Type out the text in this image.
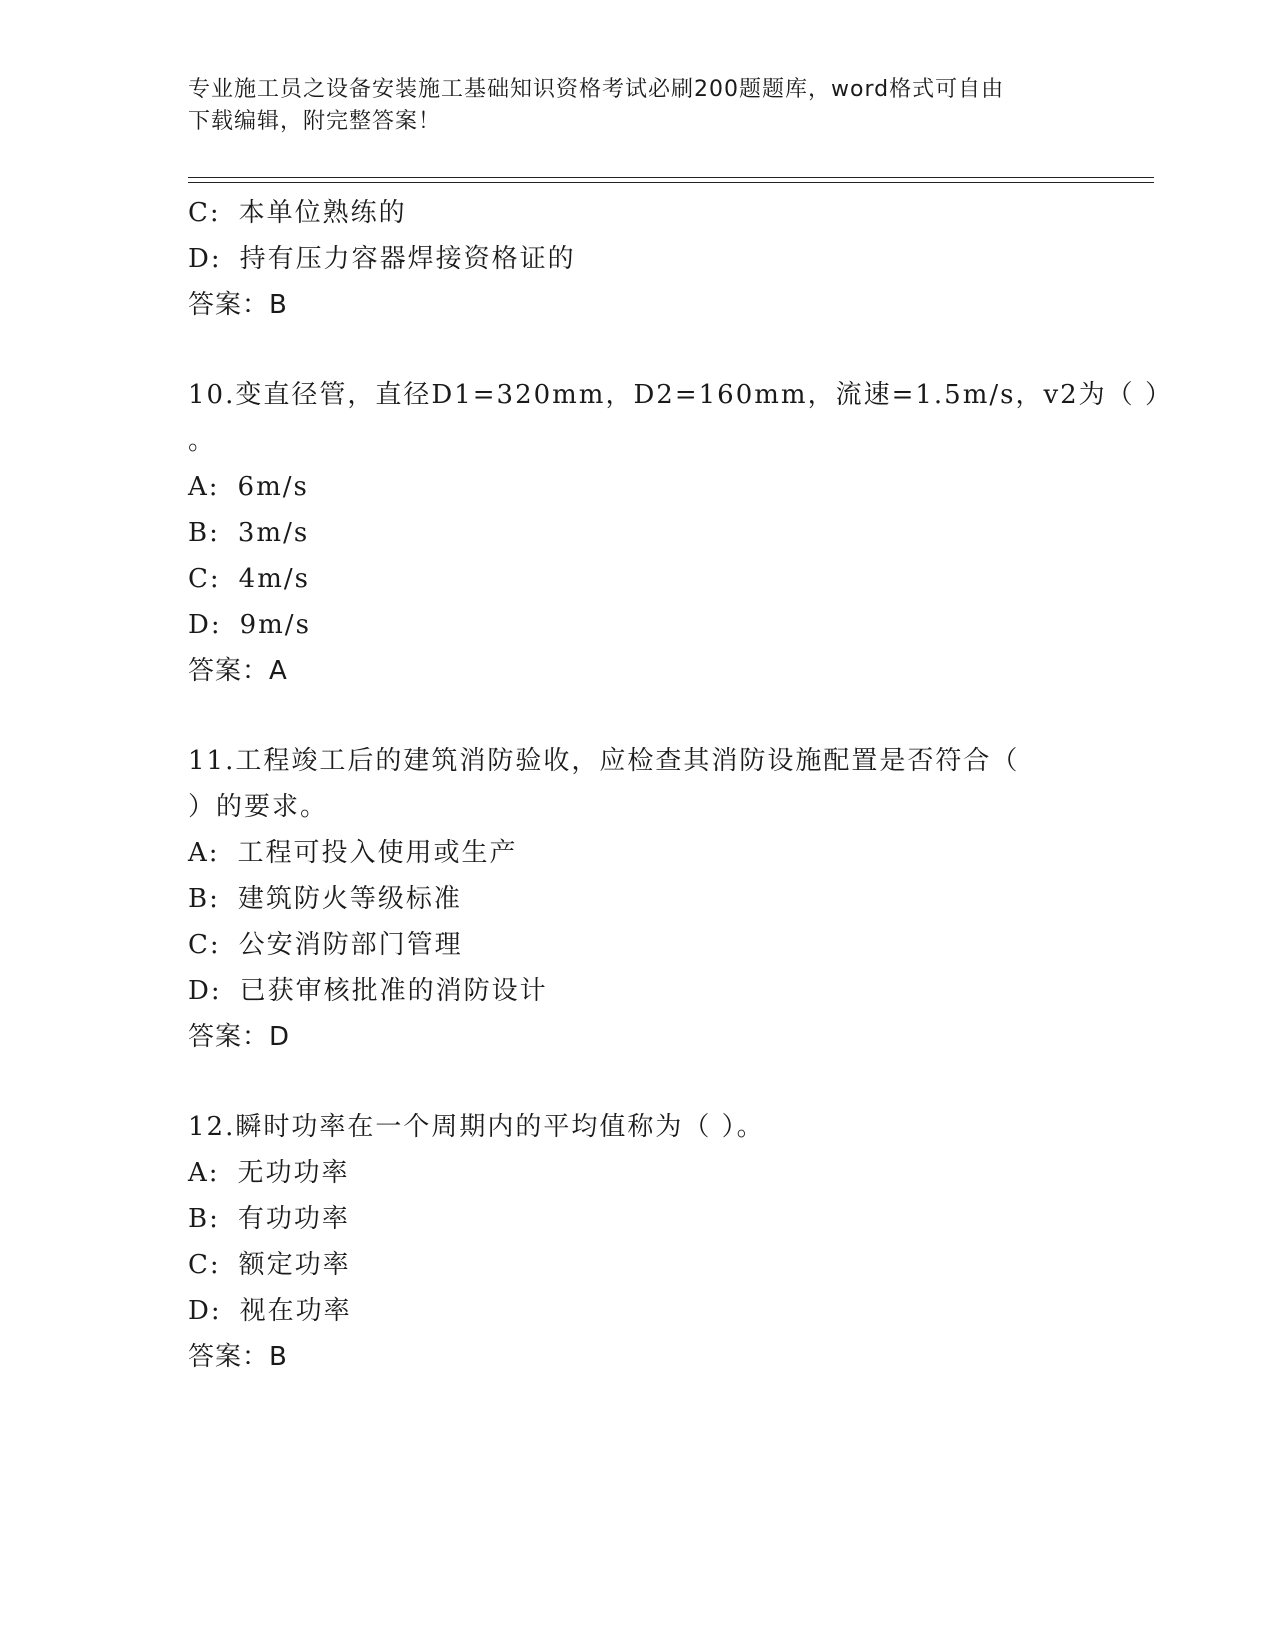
专业施工员之设备安装施工基础知识资格考试必刷200题题库，word格式可自由
下载编辑，附完整答案！
C: 本单位熟练的
D: 持有压力容器焊接资格证的
答案：B
10.变直径管，直径D1=320mm，D2=160mm，流速=1.5m/s，v2为（ ）
。
A: 6m/s
B: 3m/s
C: 4m/s
D: 9m/s
答案：A
11.工程竣工后的建筑消防验收，应检查其消防设施配置是否符合（
）的要求。
A: 工程可投入使用或生产
B: 建筑防火等级标准
C: 公安消防部门管理
D: 已获审核批准的消防设计
答案：D
12.瞬时功率在一个周期内的平均值称为（ ）。
A: 无功功率
B: 有功功率
C: 额定功率
D: 视在功率
答案：B
